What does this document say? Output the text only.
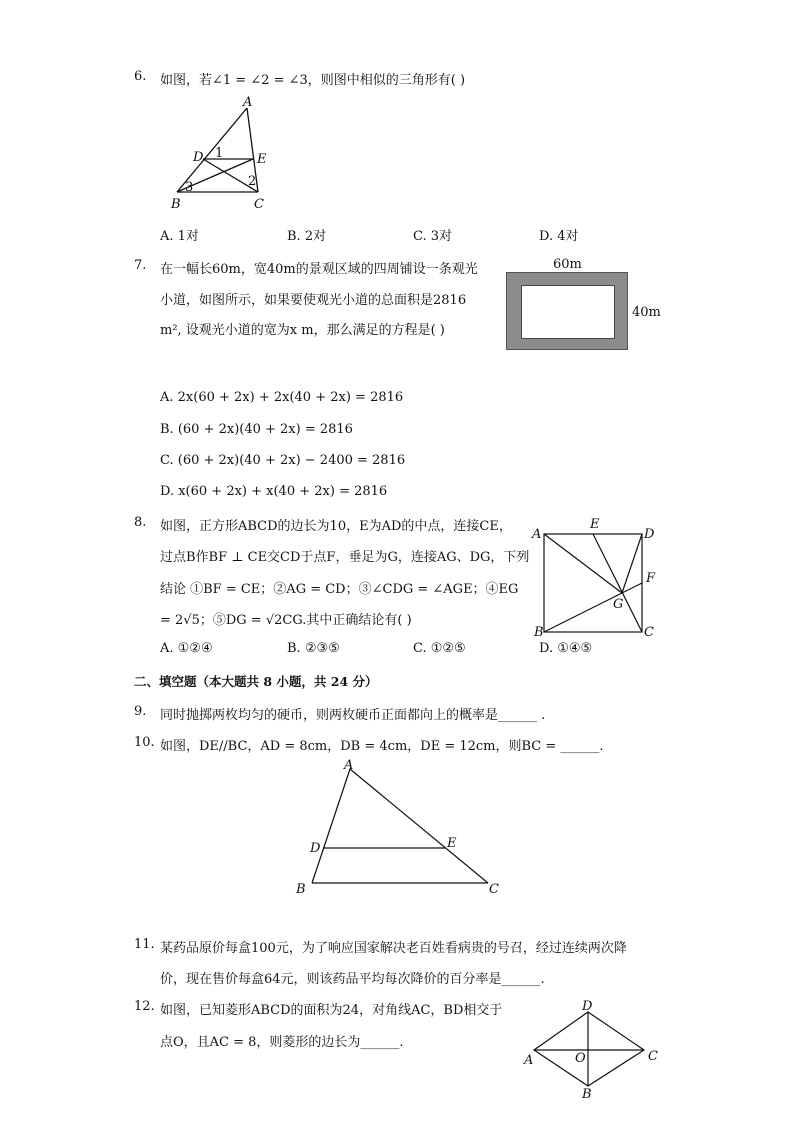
6. 如图，若∠1 = ∠2 = ∠3，则图中相似的三角形有( )
A
D	E
B	C
1
2
3
A. 1对	B. 2对	C. 3对	D. 4对
7. 在一幅长60m，宽40m的景观区域的四周铺设一条观光
小道，如图所示，如果要使观光小道的总面积是2816
m², 设观光小道的宽为x m，那么满足的方程是( )
60m
40m
A. 2x(60 + 2x) + 2x(40 + 2x) = 2816
B. (60 + 2x)(40 + 2x) = 2816
C. (60 + 2x)(40 + 2x) − 2400 = 2816
D. x(60 + 2x) + x(40 + 2x) = 2816
8. 如图，正方形ABCD的边长为10，E为AD的中点，连接CE，
过点B作BF ⊥ CE交CD于点F，垂足为G，连接AG、DG，下列
结论 ①BF = CE；②AG = CD；③∠CDG = ∠AGE；④EG
= 2√5；⑤DG = √2CG.其中正确结论有( )
A
E
D
F
G
B	C
A. ①②④	B. ②③⑤	C. ①②⑤	D. ①④⑤
二、填空题（本大题共 8 小题，共 24 分）
9. 同时抛掷两枚均匀的硬币，则两枚硬币正面都向上的概率是______ .
10. 如图，DE//BC，AD = 8cm，DB = 4cm，DE = 12cm，则BC = ______.
A
D	E
B	C
11. 某药品原价每盒100元，为了响应国家解决老百姓看病贵的号召，经过连续两次降
价，现在售价每盒64元，则该药品平均每次降价的百分率是______.
12. 如图，已知菱形ABCD的面积为24，对角线AC，BD相交于
点O，且AC = 8，则菱形的边长为______.
D
C
A	O
B
